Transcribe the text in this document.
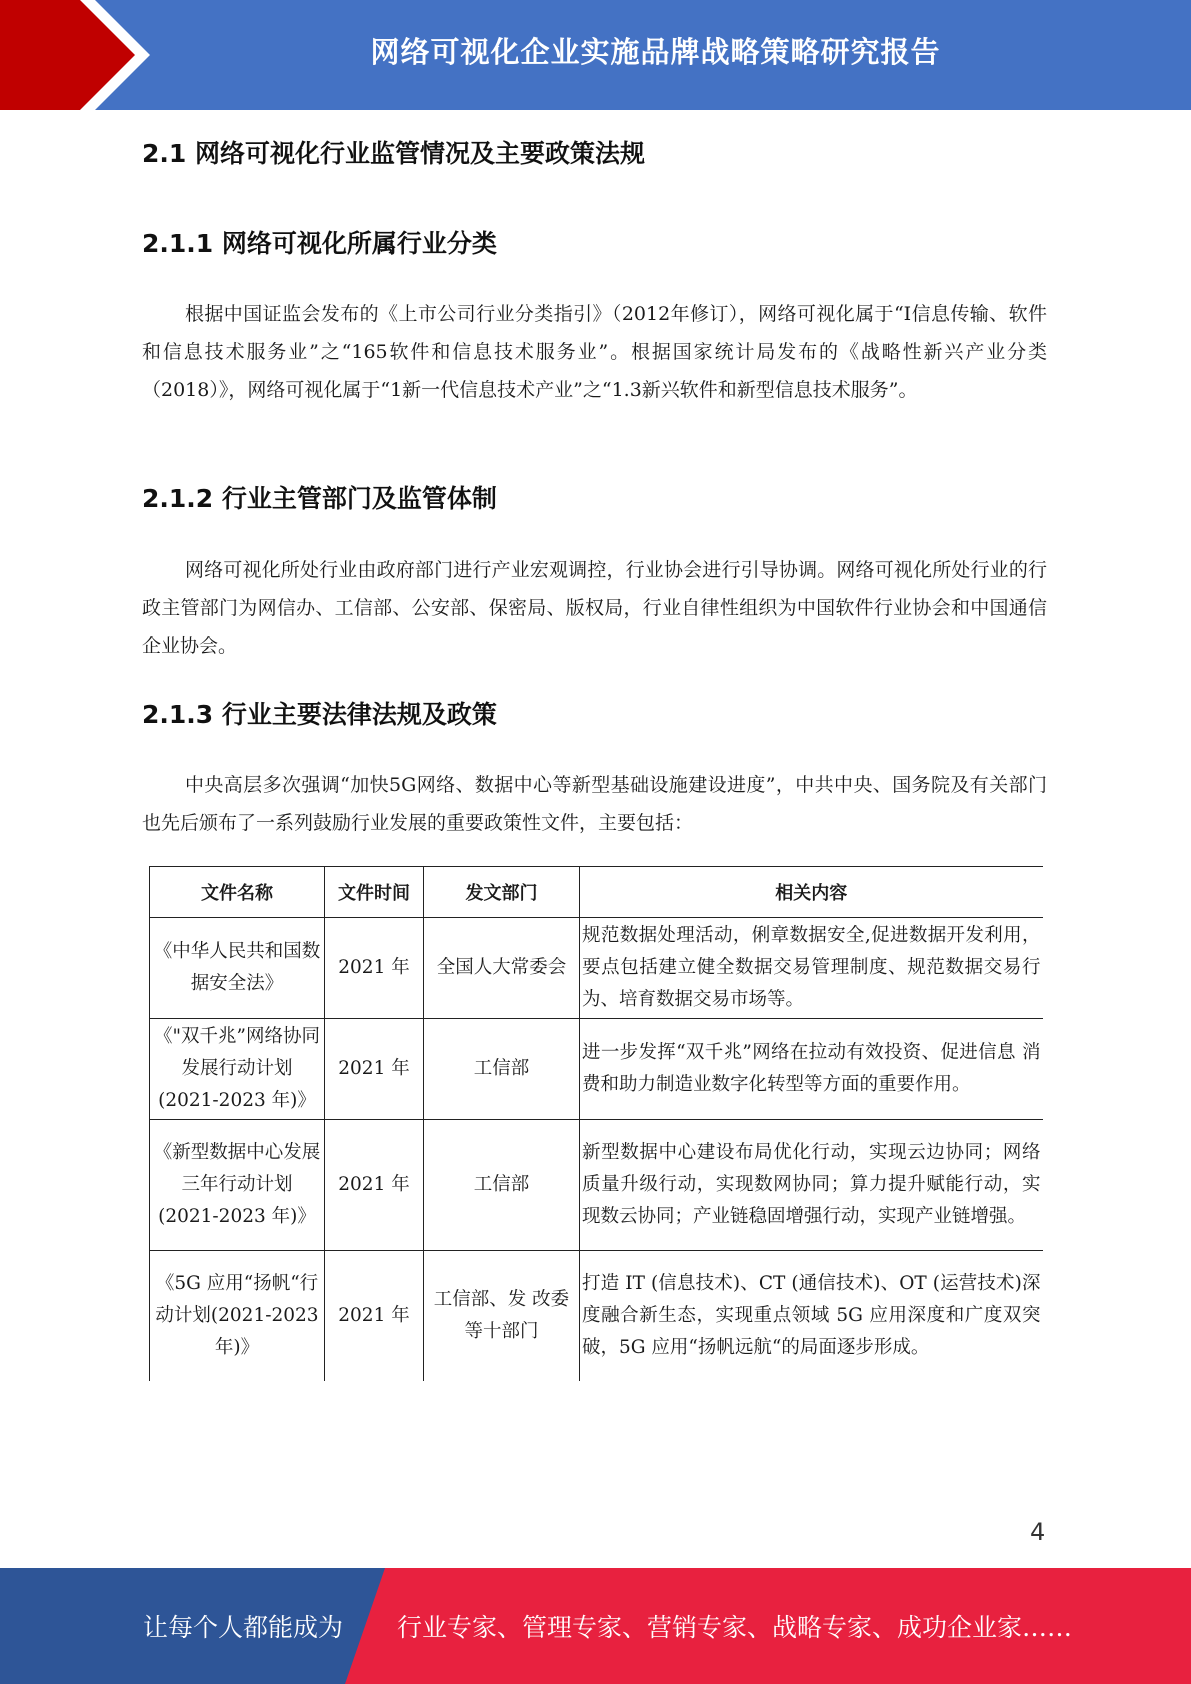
网络可视化企业实施品牌战略策略研究报告
2.1 网络可视化行业监管情况及主要政策法规
2.1.1 网络可视化所属行业分类

根据中国证监会发布的《上市公司行业分类指引》（2012年修订），网络可视化属于“I信息传输、软件和信息技术服务业”之“165软件和信息技术服务业”。根据国家统计局发布的《战略性新兴产业分类（2018）》，网络可视化属于“1新一代信息技术产业”之“1.3新兴软件和新型信息技术服务”。

2.1.2 行业主管部门及监管体制

网络可视化所处行业由政府部门进行产业宏观调控，行业协会进行引导协调。网络可视化所处行业的行政主管部门为网信办、工信部、公安部、保密局、版权局，行业自律性组织为中国软件行业协会和中国通信企业协会。

2.1.3 行业主要法律法规及政策

中央高层多次强调“加快5G网络、数据中心等新型基础设施建设进度”，中共中央、国务院及有关部门也先后颁布了一系列鼓励行业发展的重要政策性文件，主要包括：

文件名称	文件时间	发文部门	相关内容
《中华人民共和国数 据安全法》	2021 年	全国人大常委会	规范数据处理活动，俐章数据安全,促进数据开发利用， 要点包括建立健全数据交易管理制度、规范数据交易行 为、培育数据交易市场等。
《"双千兆”网络协同发展行动计划(2021-2023 年)》	2021 年	工信部	进一步发挥“双千兆”网络在拉动有效投资、促进信息 消费和助力制造业数字化转型等方面的重要作用。
《新型数据中心发展三年行动计划(2021-2023 年)》	2021 年	工信部	新型数据中心建设布局优化行动，实现云边协同；网络 质量升级行动，实现数网协同；算力提升赋能行动，实 现数云协同；产业链稳固增强行动，实现产业链增强。
《5G 应用“扬帆“行动计划(2021-2023 年)》	2021 年	工信部、发 改委等十部门	打造 IT (信息技术)、CT (通信技术)、OT (运营技术)深度融合新生态，实现重点领域 5G 应用深度和广度双突破，5G 应用“扬帆远航“的局面逐步形成。
4
让每个人都能成为 行业专家、管理专家、营销专家、战略专家、成功企业家……
